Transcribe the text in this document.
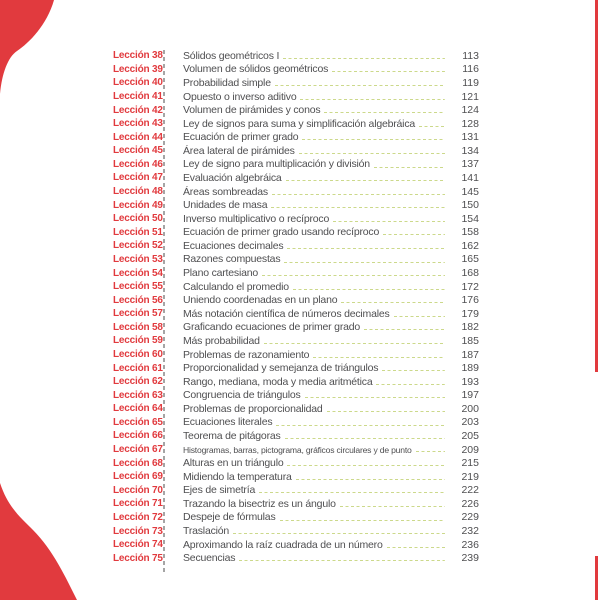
Lección 38 Sólidos geométricos I	113
Lección 39 Volumen de sólidos geométricos	116
Lección 40 Probabilidad simple	119
Lección 41 Opuesto o inverso aditivo	121
Lección 42 Volumen de pirámides y conos	124
Lección 43 Ley de signos para suma y simplificación algebráica	128
Lección 44 Ecuación de primer grado	131
Lección 45 Área lateral de pirámides	134
Lección 46 Ley de signo para multiplicación y división	137
Lección 47 Evaluación algebráica	141
Lección 48 Áreas sombreadas	145
Lección 49 Unidades de masa	150
Lección 50 Inverso multiplicativo o recíproco	154
Lección 51 Ecuación de primer grado usando recíproco	158
Lección 52 Ecuaciones decimales	162
Lección 53 Razones compuestas	165
Lección 54 Plano cartesiano	168
Lección 55 Calculando el promedio	172
Lección 56 Uniendo coordenadas en un plano	176
Lección 57 Más notación científica de números decimales	179
Lección 58 Graficando ecuaciones de primer grado	182
Lección 59 Más probabilidad	185
Lección 60 Problemas de razonamiento	187
Lección 61 Proporcionalidad y semejanza de triángulos	189
Lección 62 Rango, mediana, moda y media aritmética	193
Lección 63 Congruencia de triángulos	197
Lección 64 Problemas de proporcionalidad	200
Lección 65 Ecuaciones literales	203
Lección 66 Teorema de pitágoras	205
Lección 67 Histogramas, barras, pictograma, gráficos circulares y de punto	209
Lección 68 Alturas en un triángulo	215
Lección 69 Midiendo la temperatura	219
Lección 70 Ejes de simetría	222
Lección 71 Trazando la bisectriz es un ángulo	226
Lección 72 Despeje de fórmulas	229
Lección 73 Traslación	232
Lección 74 Aproximando la raíz cuadrada de un número	236
Lección 75 Secuencias	239
